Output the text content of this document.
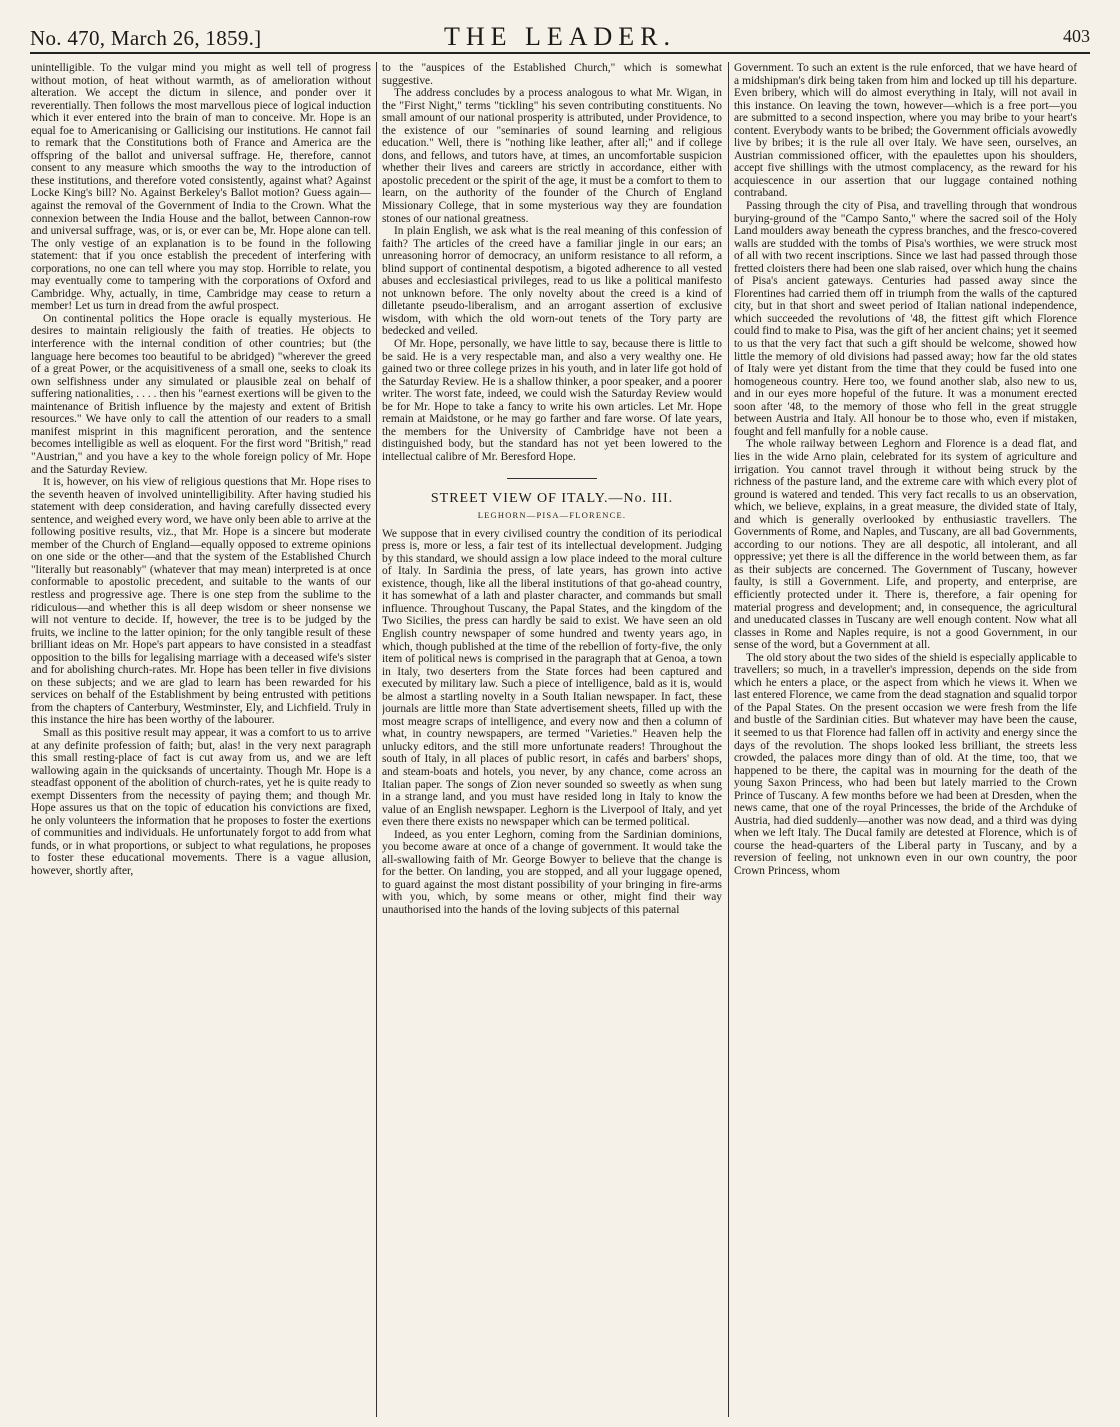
No. 470, March 26, 1859.]	THE LEADER.	403

unintelligible. To the vulgar mind you might as well tell of progress without motion, of heat without warmth, as of amelioration without alteration. We accept the dictum in silence, and ponder over it reverentially. Then follows the most marvellous piece of logical induction which it ever entered into the brain of man to conceive. Mr. Hope is an equal foe to Americanising or Gallicising our institutions. He cannot fail to remark that the Constitutions both of France and America are the offspring of the ballot and universal suffrage. He, therefore, cannot consent to any measure which smooths the way to the introduction of these institutions, and therefore voted consistently, against what? Against Locke King's bill? No. Against Berkeley's Ballot motion? Guess again—against the removal of the Government of India to the Crown. What the connexion between the India House and the ballot, between Cannon-row and universal suffrage, was, or is, or ever can be, Mr. Hope alone can tell. The only vestige of an explanation is to be found in the following statement: that if you once establish the precedent of interfering with corporations, no one can tell where you may stop. Horrible to relate, you may eventually come to tampering with the corporations of Oxford and Cambridge. Why, actually, in time, Cambridge may cease to return a member! Let us turn in dread from the awful prospect.

On continental politics the Hope oracle is equally mysterious. He desires to maintain religiously the faith of treaties. He objects to interference with the internal condition of other countries; but (the language here becomes too beautiful to be abridged) "wherever the greed of a great Power, or the acquisitiveness of a small one, seeks to cloak its own selfishness under any simulated or plausible zeal on behalf of suffering nationalities, . . . . then his "earnest exertions will be given to the maintenance of British influence by the majesty and extent of British resources." We have only to call the attention of our readers to a small manifest misprint in this magnificent peroration, and the sentence becomes intelligible as well as eloquent. For the first word "British," read "Austrian," and you have a key to the whole foreign policy of Mr. Hope and the Saturday Review.

It is, however, on his view of religious questions that Mr. Hope rises to the seventh heaven of involved unintelligibility. After having studied his statement with deep consideration, and having carefully dissected every sentence, and weighed every word, we have only been able to arrive at the following positive results, viz., that Mr. Hope is a sincere but moderate member of the Church of England—equally opposed to extreme opinions on one side or the other—and that the system of the Established Church "literally but reasonably" (whatever that may mean) interpreted is at once conformable to apostolic precedent, and suitable to the wants of our restless and progressive age. There is one step from the sublime to the ridiculous—and whether this is all deep wisdom or sheer nonsense we will not venture to decide. If, however, the tree is to be judged by the fruits, we incline to the latter opinion; for the only tangible result of these brilliant ideas on Mr. Hope's part appears to have consisted in a steadfast opposition to the bills for legalising marriage with a deceased wife's sister and for abolishing church-rates. Mr. Hope has been teller in five divisions on these subjects; and we are glad to learn has been rewarded for his services on behalf of the Establishment by being entrusted with petitions from the chapters of Canterbury, Westminster, Ely, and Lichfield. Truly in this instance the hire has been worthy of the labourer.

Small as this positive result may appear, it was a comfort to us to arrive at any definite profession of faith; but, alas! in the very next paragraph this small resting-place of fact is cut away from us, and we are left wallowing again in the quicksands of uncertainty. Though Mr. Hope is a steadfast opponent of the abolition of church-rates, yet he is quite ready to exempt Dissenters from the necessity of paying them; and though Mr. Hope assures us that on the topic of education his convictions are fixed, he only volunteers the information that he proposes to foster the exertions of communities and individuals. He unfortunately forgot to add from what funds, or in what proportions, or subject to what regulations, he proposes to foster these educational movements. There is a vague allusion, however, shortly after,

to the "auspices of the Established Church," which is somewhat suggestive.

The address concludes by a process analogous to what Mr. Wigan, in the "First Night," terms "tickling" his seven contributing constituents. No small amount of our national prosperity is attributed, under Providence, to the existence of our "seminaries of sound learning and religious education." Well, there is "nothing like leather, after all;" and if college dons, and fellows, and tutors have, at times, an uncomfortable suspicion whether their lives and careers are strictly in accordance, either with apostolic precedent or the spirit of the age, it must be a comfort to them to learn, on the authority of the founder of the Church of England Missionary College, that in some mysterious way they are foundation stones of our national greatness.

In plain English, we ask what is the real meaning of this confession of faith? The articles of the creed have a familiar jingle in our ears; an unreasoning horror of democracy, an uniform resistance to all reform, a blind support of continental despotism, a bigoted adherence to all vested abuses and ecclesiastical privileges, read to us like a political manifesto not unknown before. The only novelty about the creed is a kind of dilletante pseudo-liberalism, and an arrogant assertion of exclusive wisdom, with which the old worn-out tenets of the Tory party are bedecked and veiled.

Of Mr. Hope, personally, we have little to say, because there is little to be said. He is a very respectable man, and also a very wealthy one. He gained two or three college prizes in his youth, and in later life got hold of the Saturday Review. He is a shallow thinker, a poor speaker, and a poorer writer. The worst fate, indeed, we could wish the Saturday Review would be for Mr. Hope to take a fancy to write his own articles. Let Mr. Hope remain at Maidstone, or he may go farther and fare worse. Of late years, the members for the University of Cambridge have not been a distinguished body, but the standard has not yet been lowered to the intellectual calibre of Mr. Beresford Hope.

STREET VIEW OF ITALY.—No. III.
LEGHORN—PISA—FLORENCE.

We suppose that in every civilised country the condition of its periodical press is, more or less, a fair test of its intellectual development. Judging by this standard, we should assign a low place indeed to the moral culture of Italy. In Sardinia the press, of late years, has grown into active existence, though, like all the liberal institutions of that go-ahead country, it has somewhat of a lath and plaster character, and commands but small influence. Throughout Tuscany, the Papal States, and the kingdom of the Two Sicilies, the press can hardly be said to exist. We have seen an old English country newspaper of some hundred and twenty years ago, in which, though published at the time of the rebellion of forty-five, the only item of political news is comprised in the paragraph that at Genoa, a town in Italy, two deserters from the State forces had been captured and executed by military law. Such a piece of intelligence, bald as it is, would be almost a startling novelty in a South Italian newspaper. In fact, these journals are little more than State advertisement sheets, filled up with the most meagre scraps of intelligence, and every now and then a column of what, in country newspapers, are termed "Varieties." Heaven help the unlucky editors, and the still more unfortunate readers! Throughout the south of Italy, in all places of public resort, in cafés and barbers' shops, and steam-boats and hotels, you never, by any chance, come across an Italian paper. The songs of Zion never sounded so sweetly as when sung in a strange land, and you must have resided long in Italy to know the value of an English newspaper. Leghorn is the Liverpool of Italy, and yet even there there exists no newspaper which can be termed political.

Indeed, as you enter Leghorn, coming from the Sardinian dominions, you become aware at once of a change of government. It would take the all-swallowing faith of Mr. George Bowyer to believe that the change is for the better. On landing, you are stopped, and all your luggage opened, to guard against the most distant possibility of your bringing in fire-arms with you, which, by some means or other, might find their way unauthorised into the hands of the loving subjects of this paternal

Government. To such an extent is the rule enforced, that we have heard of a midshipman's dirk being taken from him and locked up till his departure. Even bribery, which will do almost everything in Italy, will not avail in this instance. On leaving the town, however—which is a free port—you are submitted to a second inspection, where you may bribe to your heart's content. Everybody wants to be bribed; the Government officials avowedly live by bribes; it is the rule all over Italy. We have seen, ourselves, an Austrian commissioned officer, with the epaulettes upon his shoulders, accept five shillings with the utmost complacency, as the reward for his acquiescence in our assertion that our luggage contained nothing contraband.

Passing through the city of Pisa, and travelling through that wondrous burying-ground of the "Campo Santo," where the sacred soil of the Holy Land moulders away beneath the cypress branches, and the fresco-covered walls are studded with the tombs of Pisa's worthies, we were struck most of all with two recent inscriptions. Since we last had passed through those fretted cloisters there had been one slab raised, over which hung the chains of Pisa's ancient gateways. Centuries had passed away since the Florentines had carried them off in triumph from the walls of the captured city, but in that short and sweet period of Italian national independence, which succeeded the revolutions of '48, the fittest gift which Florence could find to make to Pisa, was the gift of her ancient chains; yet it seemed to us that the very fact that such a gift should be welcome, showed how little the memory of old divisions had passed away; how far the old states of Italy were yet distant from the time that they could be fused into one homogeneous country. Here too, we found another slab, also new to us, and in our eyes more hopeful of the future. It was a monument erected soon after '48, to the memory of those who fell in the great struggle between Austria and Italy. All honour be to those who, even if mistaken, fought and fell manfully for a noble cause.

The whole railway between Leghorn and Florence is a dead flat, and lies in the wide Arno plain, celebrated for its system of agriculture and irrigation. You cannot travel through it without being struck by the richness of the pasture land, and the extreme care with which every plot of ground is watered and tended. This very fact recalls to us an observation, which, we believe, explains, in a great measure, the divided state of Italy, and which is generally overlooked by enthusiastic travellers. The Governments of Rome, and Naples, and Tuscany, are all bad Governments, according to our notions. They are all despotic, all intolerant, and all oppressive; yet there is all the difference in the world between them, as far as their subjects are concerned. The Government of Tuscany, however faulty, is still a Government. Life, and property, and enterprise, are efficiently protected under it. There is, therefore, a fair opening for material progress and development; and, in consequence, the agricultural and uneducated classes in Tuscany are well enough content. Now what all classes in Rome and Naples require, is not a good Government, in our sense of the word, but a Government at all.

The old story about the two sides of the shield is especially applicable to travellers; so much, in a traveller's impression, depends on the side from which he enters a place, or the aspect from which he views it. When we last entered Florence, we came from the dead stagnation and squalid torpor of the Papal States. On the present occasion we were fresh from the life and bustle of the Sardinian cities. But whatever may have been the cause, it seemed to us that Florence had fallen off in activity and energy since the days of the revolution. The shops looked less brilliant, the streets less crowded, the palaces more dingy than of old. At the time, too, that we happened to be there, the capital was in mourning for the death of the young Saxon Princess, who had been but lately married to the Crown Prince of Tuscany. A few months before we had been at Dresden, when the news came, that one of the royal Princesses, the bride of the Archduke of Austria, had died suddenly—another was now dead, and a third was dying when we left Italy. The Ducal family are detested at Florence, which is of course the head-quarters of the Liberal party in Tuscany, and by a reversion of feeling, not unknown even in our own country, the poor Crown Princess, whom
